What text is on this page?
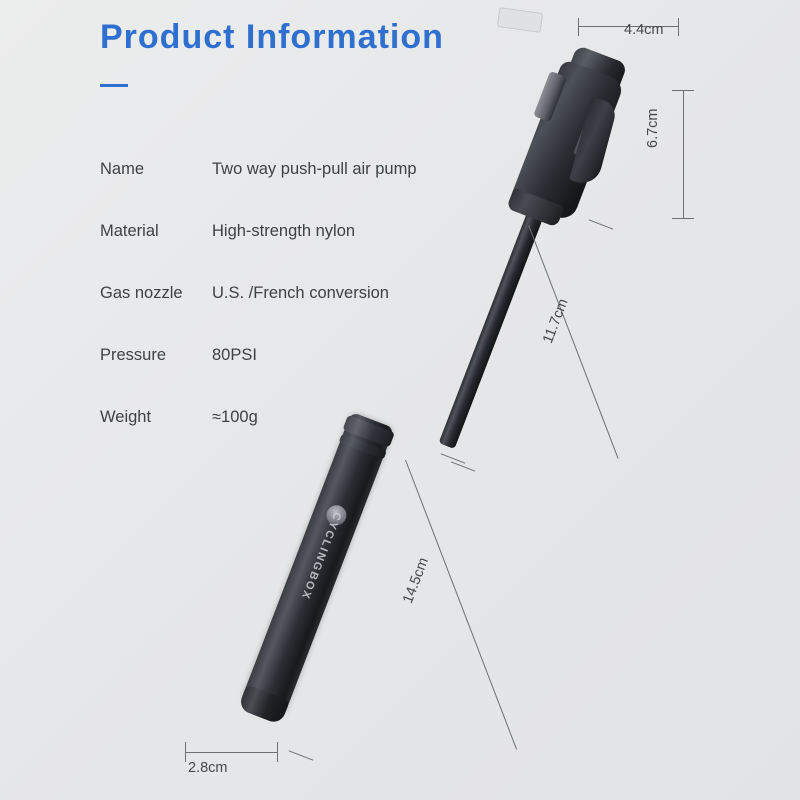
Product Information
Name	Two way push-pull air pump
Material	High-strength nylon
Gas nozzle	U.S. /French conversion
Pressure	80PSI
Weight	≈100g
CYCLINGBOX
4.4cm
6.7cm
11.7cm
14.5cm
2.8cm
